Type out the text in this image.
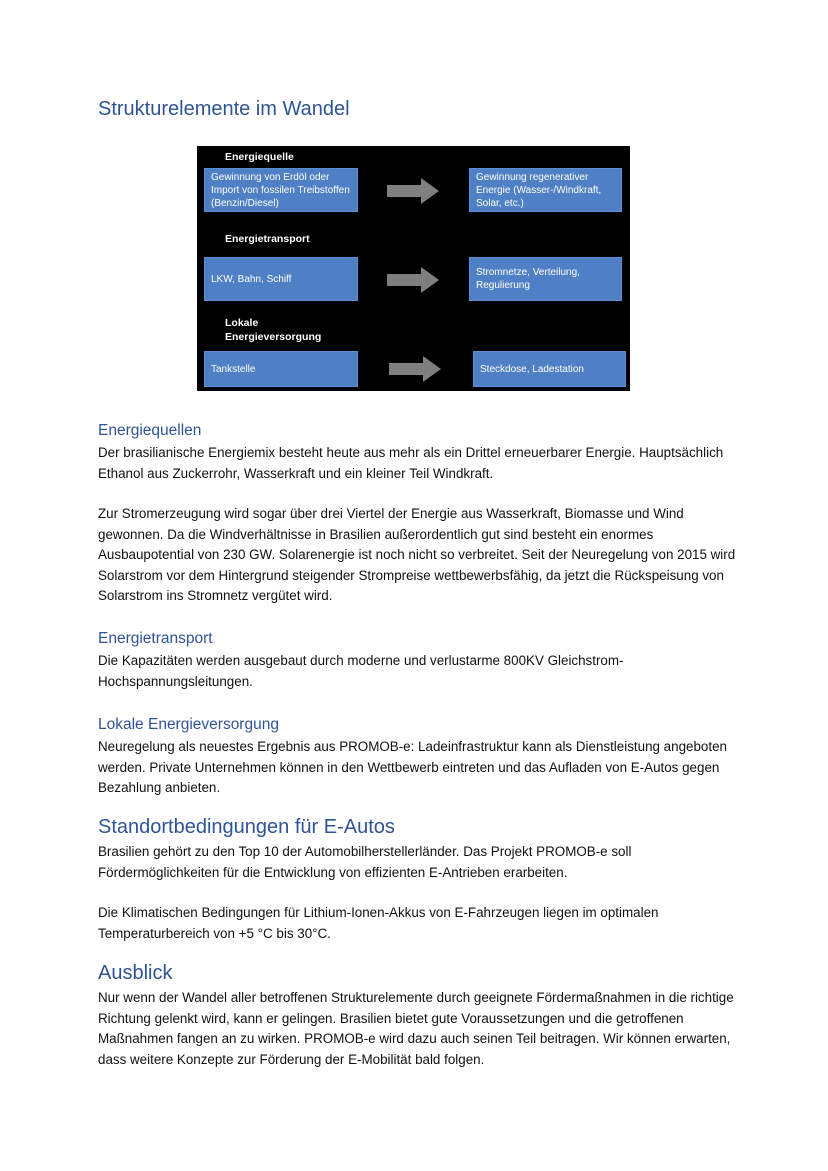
Strukturelemente im Wandel
Energiequelle
Gewinnung von Erdöl oder Import von fossilen Treibstoffen (Benzin/Diesel)
Gewinnung regenerativer Energie (Wasser-/Windkraft, Solar, etc.)
Energietransport
LKW, Bahn, Schiff
Stromnetze, Verteilung, Regulierung
Lokale
Energieversorgung
Tankstelle	Steckdose, Ladestation
Energiequellen

Der brasilianische Energiemix besteht heute aus mehr als ein Drittel erneuerbarer Energie. Hauptsächlich Ethanol aus Zuckerrohr, Wasserkraft und ein kleiner Teil Windkraft.

Zur Stromerzeugung wird sogar über drei Viertel der Energie aus Wasserkraft, Biomasse und Wind gewonnen. Da die Windverhältnisse in Brasilien außerordentlich gut sind besteht ein enormes Ausbaupotential von 230 GW. Solarenergie ist noch nicht so verbreitet. Seit der Neuregelung von 2015 wird Solarstrom vor dem Hintergrund steigender Strompreise wettbewerbsfähig, da jetzt die Rückspeisung von Solarstrom ins Stromnetz vergütet wird.

Energietransport

Die Kapazitäten werden ausgebaut durch moderne und verlustarme 800KV Gleichstrom-Hochspannungsleitungen.

Lokale Energieversorgung

Neuregelung als neuestes Ergebnis aus PROMOB-e: Ladeinfrastruktur kann als Dienstleistung angeboten werden. Private Unternehmen können in den Wettbewerb eintreten und das Aufladen von E-Autos gegen Bezahlung anbieten.

Standortbedingungen für E-Autos

Brasilien gehört zu den Top 10 der Automobilherstellerländer. Das Projekt PROMOB-e soll Fördermöglichkeiten für die Entwicklung von effizienten E-Antrieben erarbeiten.

Die Klimatischen Bedingungen für Lithium-Ionen-Akkus von E-Fahrzeugen liegen im optimalen Temperaturbereich von +5 °C bis 30°C.

Ausblick

Nur wenn der Wandel aller betroffenen Strukturelemente durch geeignete Fördermaßnahmen in die richtige Richtung gelenkt wird, kann er gelingen. Brasilien bietet gute Voraussetzungen und die getroffenen Maßnahmen fangen an zu wirken. PROMOB-e wird dazu auch seinen Teil beitragen. Wir können erwarten, dass weitere Konzepte zur Förderung der E-Mobilität bald folgen.
